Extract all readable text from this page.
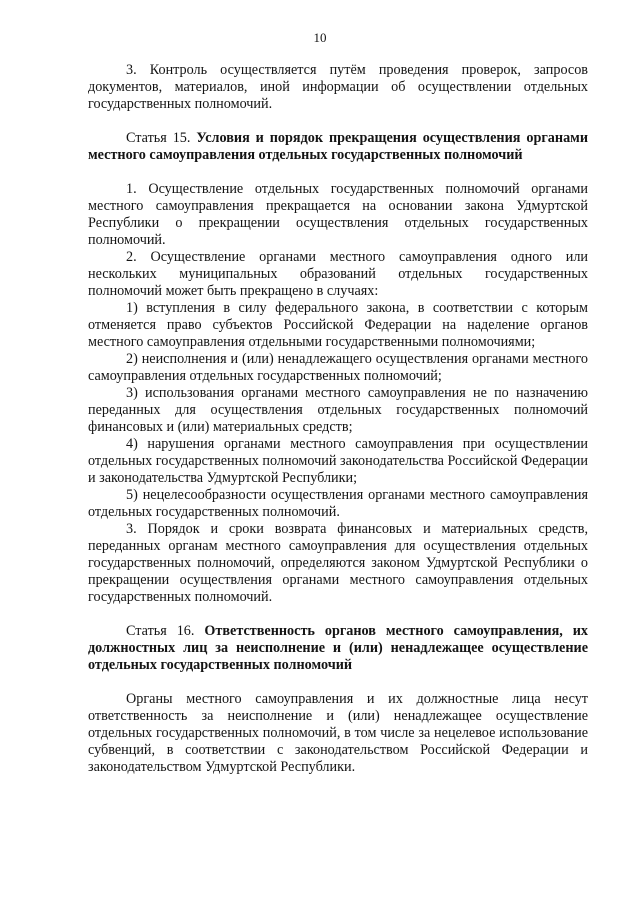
10

3. Контроль осуществляется путём проведения проверок, запросов документов, материалов, иной информации об осуществлении отдельных государственных полномочий.

Статья 15. Условия и порядок прекращения осуществления органами местного самоуправления отдельных государственных полномочий

1. Осуществление отдельных государственных полномочий органами местного самоуправления прекращается на основании закона Удмуртской Республики о прекращении осуществления отдельных государственных полномочий.

2. Осуществление органами местного самоуправления одного или нескольких муниципальных образований отдельных государственных полномочий может быть прекращено в случаях:

1) вступления в силу федерального закона, в соответствии с которым отменяется право субъектов Российской Федерации на наделение органов местного самоуправления отдельными государственными полномочиями;

2) неисполнения и (или) ненадлежащего осуществления органами местного самоуправления отдельных государственных полномочий;

3) использования органами местного самоуправления не по назначению переданных для осуществления отдельных государственных полномочий финансовых и (или) материальных средств;

4) нарушения органами местного самоуправления при осуществлении отдельных государственных полномочий законодательства Российской Федерации и законодательства Удмуртской Республики;

5) нецелесообразности осуществления органами местного самоуправления отдельных государственных полномочий.

3. Порядок и сроки возврата финансовых и материальных средств, переданных органам местного самоуправления для осуществления отдельных государственных полномочий, определяются законом Удмуртской Республики о прекращении осуществления органами местного самоуправления отдельных государственных полномочий.

Статья 16. Ответственность органов местного самоуправления, их должностных лиц за неисполнение и (или) ненадлежащее осуществление отдельных государственных полномочий

Органы местного самоуправления и их должностные лица несут ответственность за неисполнение и (или) ненадлежащее осуществление отдельных государственных полномочий, в том числе за нецелевое использование субвенций, в соответствии с законодательством Российской Федерации и законодательством Удмуртской Республики.
